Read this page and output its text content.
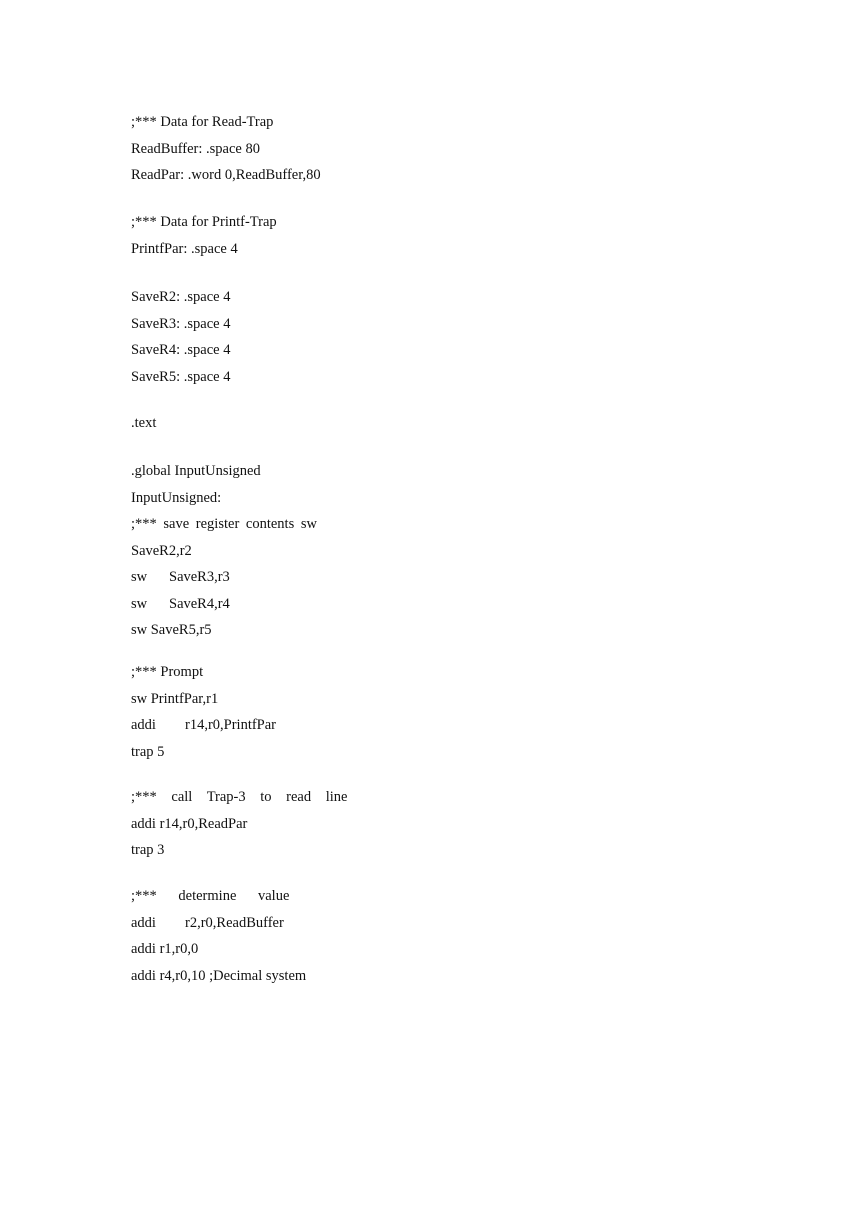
;*** Data for Read-Trap
ReadBuffer: .space 80
ReadPar: .word 0,ReadBuffer,80
;*** Data for Printf-Trap
PrintfPar: .space 4
SaveR2: .space 4
SaveR3: .space 4
SaveR4: .space 4
SaveR5: .space 4
.text
.global InputUnsigned
InputUnsigned:
;*** save register contents sw
SaveR2,r2
sw SaveR3,r3
sw SaveR4,r4
sw SaveR5,r5
;*** Prompt
sw PrintfPar,r1
addi r14,r0,PrintfPar
trap 5
;*** call Trap-3 to read line
addi r14,r0,ReadPar
trap 3
;*** determine value
addi r2,r0,ReadBuffer
addi r1,r0,0
addi r4,r0,10 ;Decimal system
